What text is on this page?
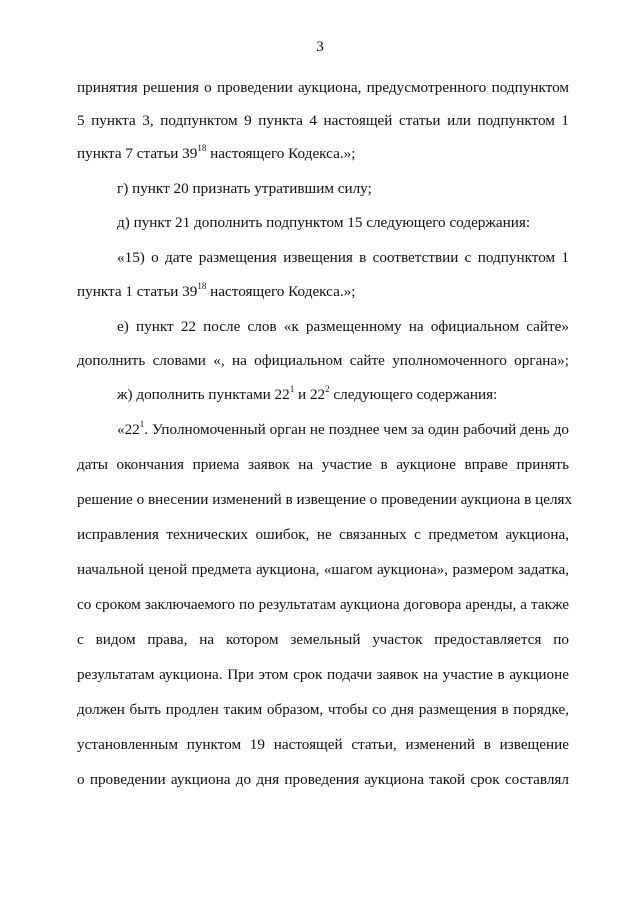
3
принятия решения о проведении аукциона, предусмотренного подпунктом
5 пункта 3, подпунктом 9 пункта 4 настоящей статьи или подпунктом 1
пункта 7 статьи $39^{18}$ настоящего Кодекса.»;
г) пункт 20 признать утратившим силу;
д) пункт 21 дополнить подпунктом 15 следующего содержания:
«15) о дате размещения извещения в соответствии с подпунктом 1
пункта 1 статьи $39^{18}$ настоящего Кодекса.»;
е) пункт 22 после слов «к размещенному на официальном сайте»
дополнить словами «, на официальном сайте уполномоченного органа»;
ж) дополнить пунктами $22^1$ и $22^2$ следующего содержания:
«$22^1$. Уполномоченный орган не позднее чем за один рабочий день до
даты окончания приема заявок на участие в аукционе вправе принять
решение о внесении изменений в извещение о проведении аукциона в целях
исправления технических ошибок, не связанных с предметом аукциона,
начальной ценой предмета аукциона, «шагом аукциона», размером задатка,
со сроком заключаемого по результатам аукциона договора аренды, а также
с видом права, на котором земельный участок предоставляется по
результатам аукциона. При этом срок подачи заявок на участие в аукционе
должен быть продлен таким образом, чтобы со дня размещения в порядке,
установленным пунктом 19 настоящей статьи, изменений в извещение
о проведении аукциона до дня проведения аукциона такой срок составлял
